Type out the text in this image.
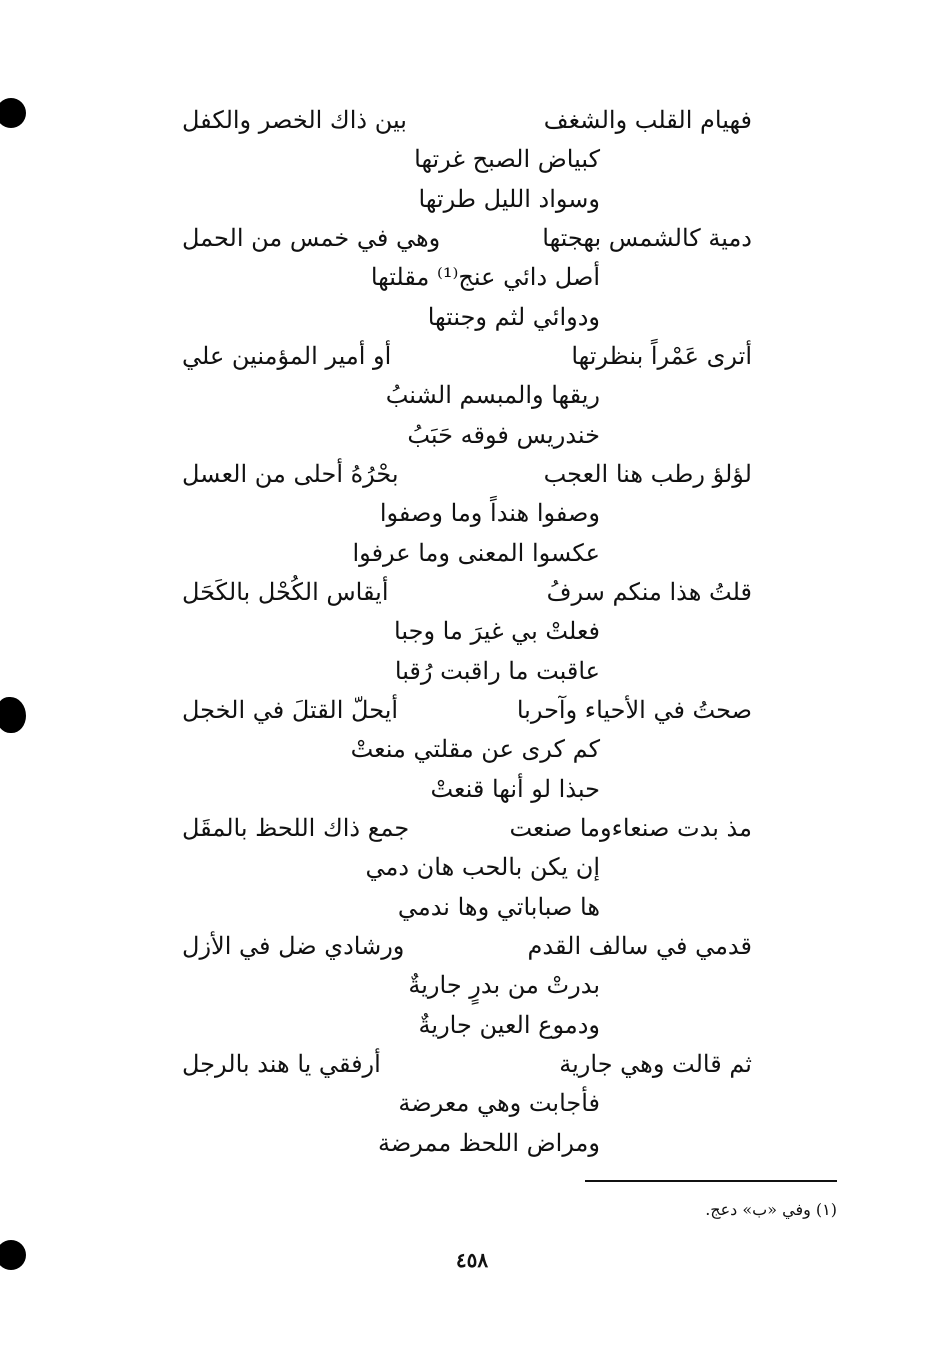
فهيام القلب والشغف
بين ذاك الخصر والكفل
كبياض الصبح غرتها
وسواد الليل طرتها
دمية كالشمس بهجتها
وهي في خمس من الحمل
أصل دائي عنج⁽¹⁾ مقلتها
ودوائي لثم وجنتها
أترى عَمْراً بنظرتها
أو أمير المؤمنين علي
ريقها والمبسم الشنبُ
خندريس فوقه حَبَبُ
لؤلؤ رطب هنا العجب
بحْرُهُ أحلى من العسل
وصفوا هنداً وما وصفوا
عكسوا المعنى وما عرفوا
قلتُ هذا منكم سرفُ
أيقاس الكُحْل بالكَحَل
فعلتْ بي غيرَ ما وجبا
عاقبت ما راقبت رُقبا
صحتُ في الأحياء وآحربا
أيحلّ القتلَ في الخجل
كم كرى عن مقلتي منعتْ
حبذا لو أنها قنعتْ
مذ بدت صنعاءوما صنعت
جمع ذاك اللحظ بالمقَل
إن يكن بالحب هان دمي
ها صباباتي وها ندمي
قدمي في سالف القدم
ورشادي ضل في الأزل
بدرتْ من بدرٍ جاريةٌ
ودموع العين جاريةٌ
ثم قالت وهي جارية
أرفقي يا هند بالرجل
فأجابت وهي معرضة
ومراض اللحظ ممرضة
(١) وفي «ب» دعج.
٤٥٨
